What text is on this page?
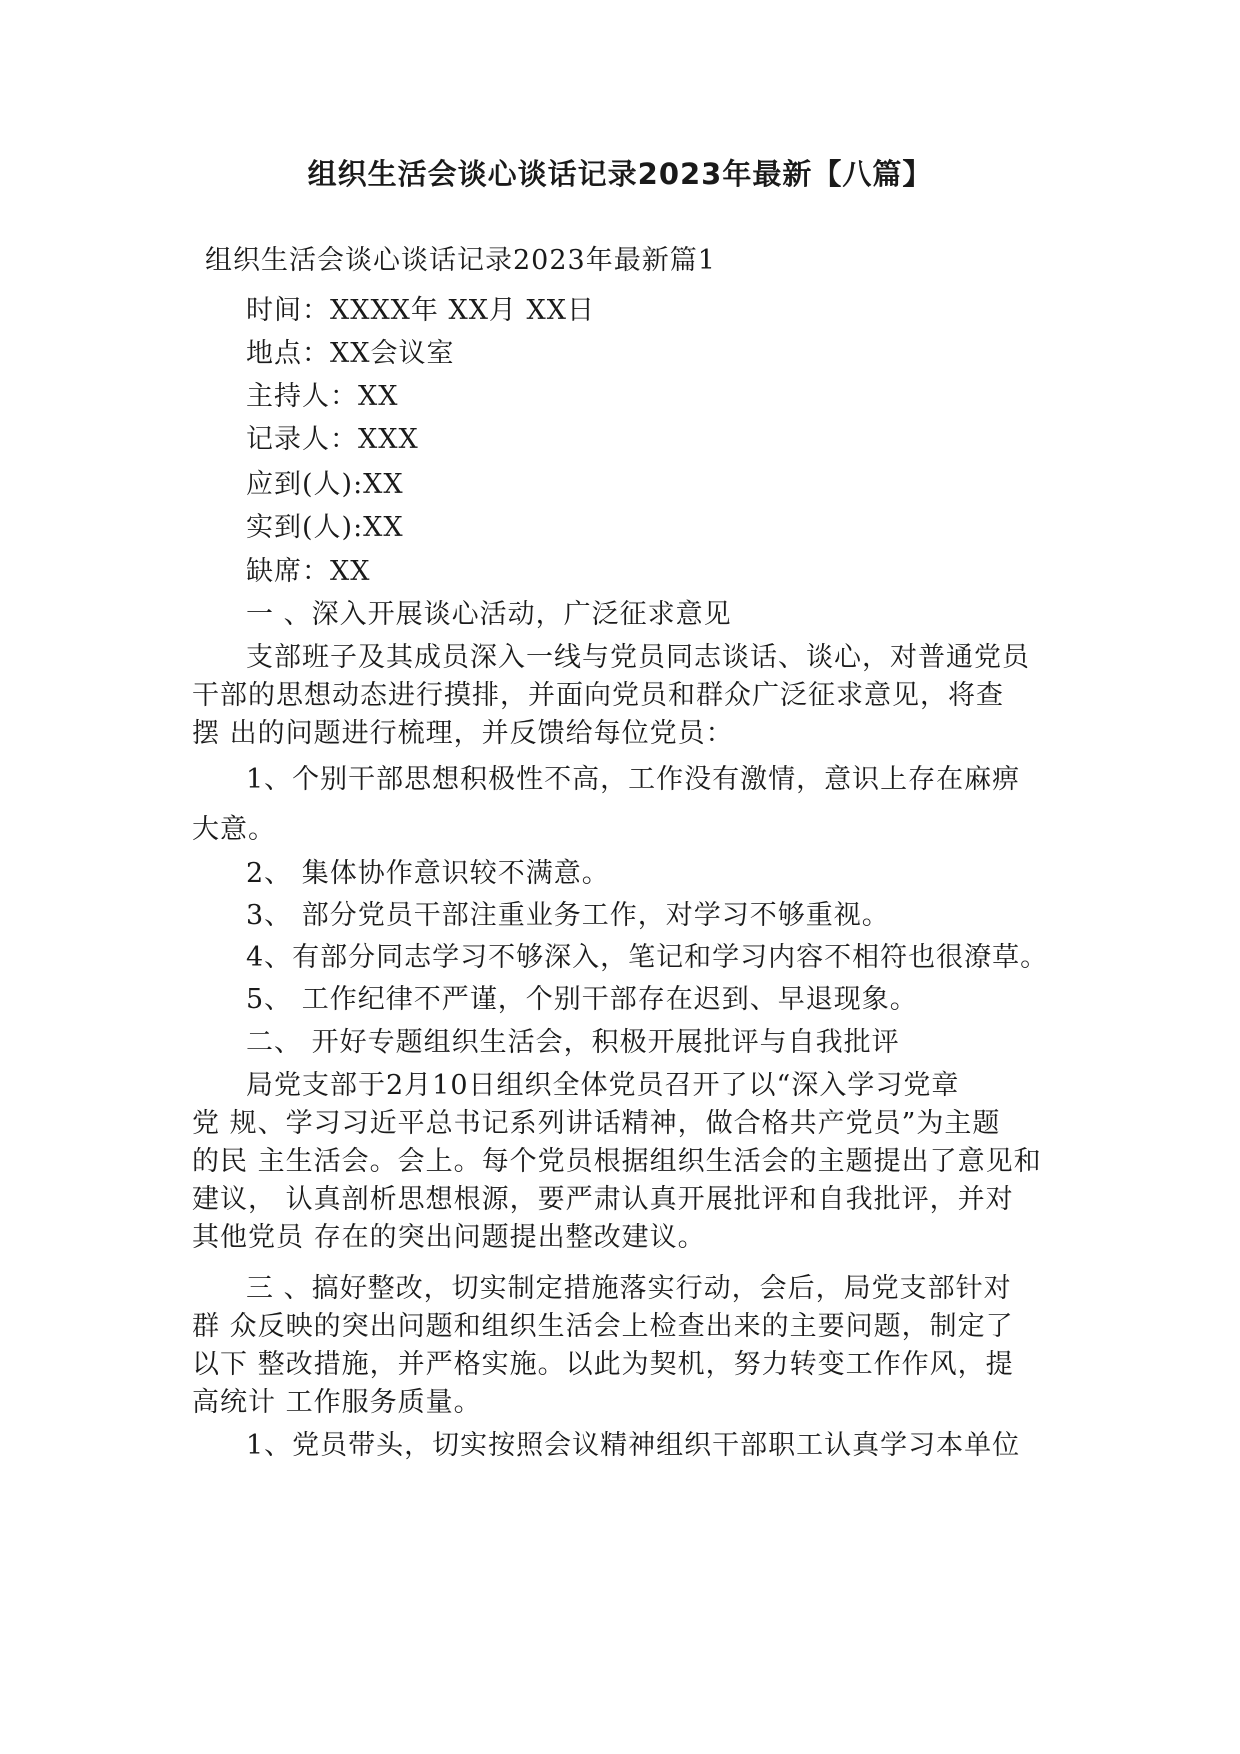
组织生活会谈心谈话记录2023年最新【八篇】
组织生活会谈心谈话记录2023年最新篇1
时间：XXXX年 XX月 XX日
地点：XX会议室
主持人：XX
记录人：XXX
应到(人):XX
实到(人):XX
缺席：XX
一 、深入开展谈心活动，广泛征求意见
支部班子及其成员深入一线与党员同志谈话、谈心，对普通党员
干部的思想动态进行摸排，并面向党员和群众广泛征求意见，将查
摆 出的问题进行梳理，并反馈给每位党员：
1、个别干部思想积极性不高，工作没有激情，意识上存在麻痹
大意。
2、 集体协作意识较不满意。
3、 部分党员干部注重业务工作，对学习不够重视。
4、有部分同志学习不够深入，笔记和学习内容不相符也很潦草。
5、 工作纪律不严谨，个别干部存在迟到、早退现象。
二、 开好专题组织生活会，积极开展批评与自我批评
局党支部于2月10日组织全体党员召开了以“深入学习党章
党 规、学习习近平总书记系列讲话精神，做合格共产党员”为主题
的民 主生活会。会上。每个党员根据组织生活会的主题提出了意见和
建议， 认真剖析思想根源，要严肃认真开展批评和自我批评，并对
其他党员 存在的突出问题提出整改建议。
三 、搞好整改，切实制定措施落实行动，会后，局党支部针对
群 众反映的突出问题和组织生活会上检查出来的主要问题，制定了
以下 整改措施，并严格实施。以此为契机，努力转变工作作风，提
高统计 工作服务质量。
1、党员带头，切实按照会议精神组织干部职工认真学习本单位
